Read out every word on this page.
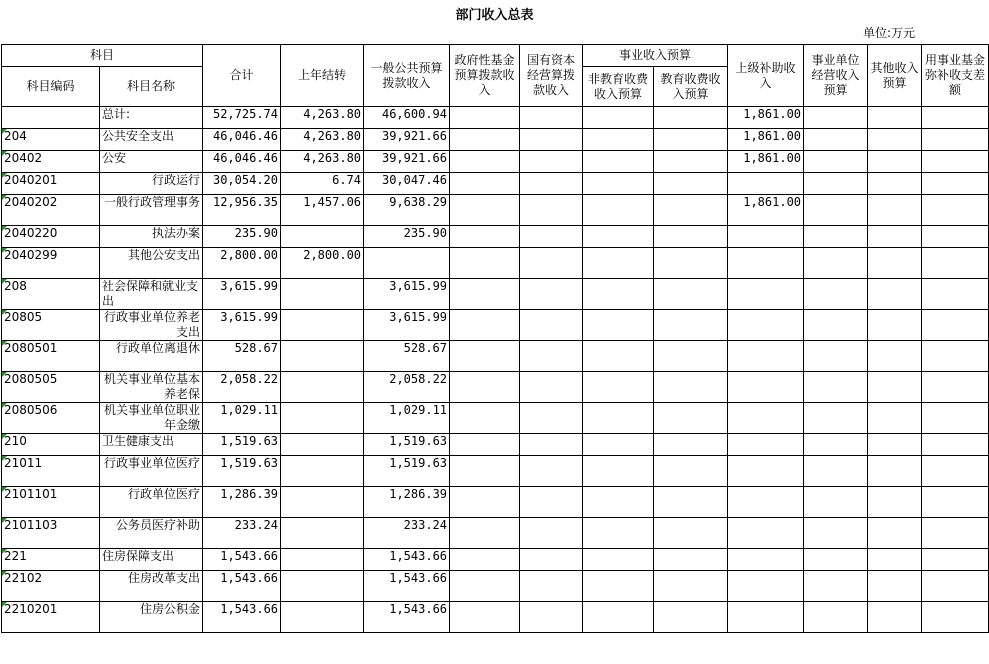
部门收入总表
单位:万元
科目		合计	上年结转	一般公共预算拨款收入	政府性基金预算拨款收入	国有资本经营算拨款收入	事业收入预算		上级补助收入	事业单位经营收入预算	其他收入预算	用事业基金弥补收支差额
科目编码	科目名称						非教育收费收入预算	教育收费收入预算				
	总计:	52,725.74	4,263.80	46,600.94					1,861.00			
204	公共安全支出	46,046.46	4,263.80	39,921.66					1,861.00			
20402	公安	46,046.46	4,263.80	39,921.66					1,861.00			
2040201	行政运行	30,054.20	6.74	30,047.46								
2040202	一般行政管理事务	12,956.35	1,457.06	9,638.29					1,861.00			
2040220	执法办案	235.90		235.90								
2040299	其他公安支出	2,800.00	2,800.00									
208	社会保障和就业支出	3,615.99		3,615.99								
20805	行政事业单位养老支出	3,615.99		3,615.99								
2080501	行政单位离退休	528.67		528.67								
2080505	机关事业单位基本养老保	2,058.22		2,058.22								
2080506	机关事业单位职业年金缴	1,029.11		1,029.11								
210	卫生健康支出	1,519.63		1,519.63								
21011	行政事业单位医疗	1,519.63		1,519.63								
2101101	行政单位医疗	1,286.39		1,286.39								
2101103	公务员医疗补助	233.24		233.24								
221	住房保障支出	1,543.66		1,543.66								
22102	住房改革支出	1,543.66		1,543.66								
2210201	住房公积金	1,543.66		1,543.66								
